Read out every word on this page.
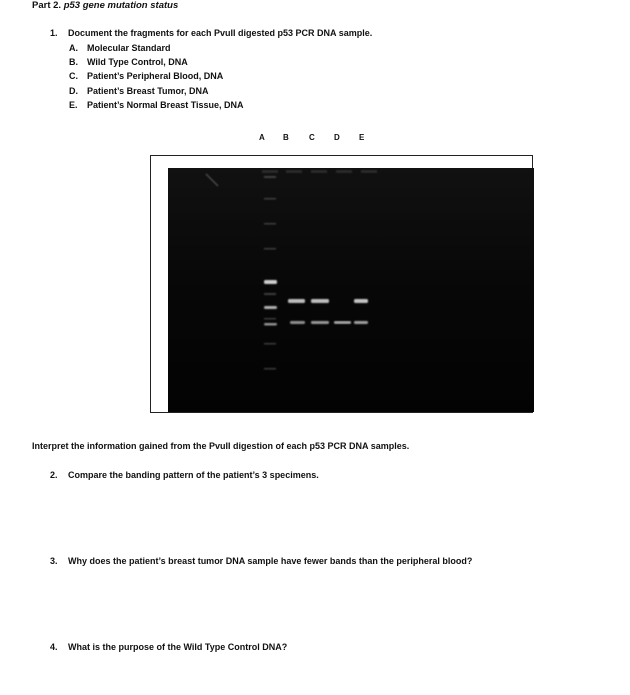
Part 2. p53 gene mutation status
1. Document the fragments for each PvuII digested p53 PCR DNA sample.
A. Molecular Standard
B. Wild Type Control, DNA
C. Patient’s Peripheral Blood, DNA
D. Patient’s Breast Tumor, DNA
E. Patient’s Normal Breast Tissue, DNA
A B	C D E
Interpret the information gained from the PvuII digestion of each p53 PCR DNA samples.
2. Compare the banding pattern of the patient’s 3 specimens.
3. Why does the patient’s breast tumor DNA sample have fewer bands than the peripheral blood?
4. What is the purpose of the Wild Type Control DNA?
